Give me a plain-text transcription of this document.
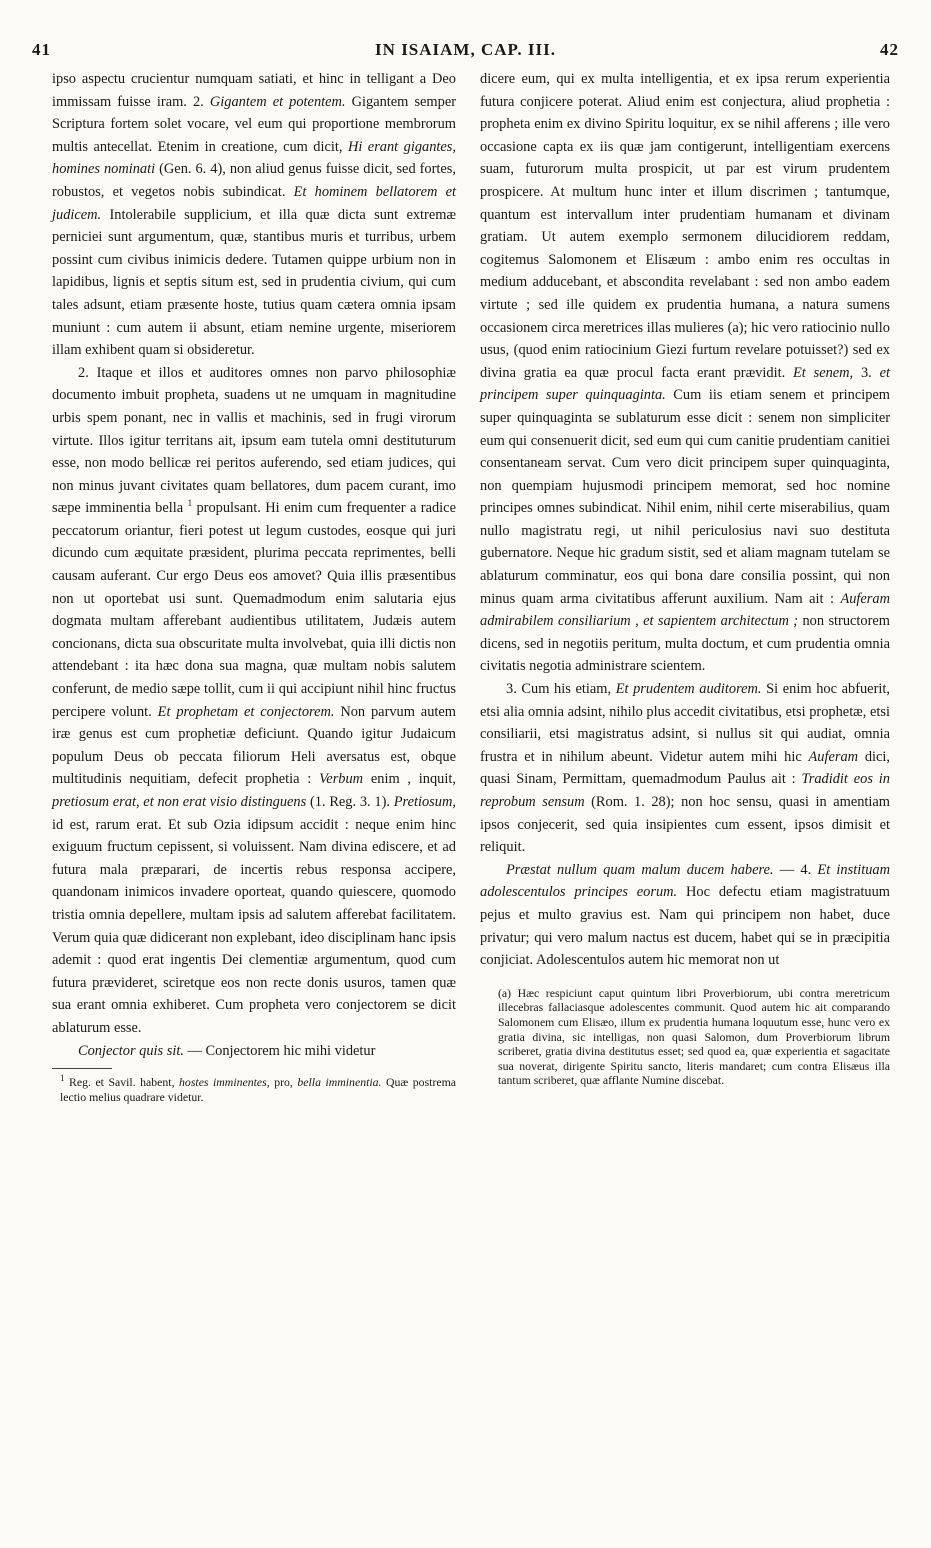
41	IN ISAIAM, CAP. III.	42

ipso aspectu crucientur numquam satiati, et hinc in telligant a Deo immissam fuisse iram. 2. Gigantem et potentem. Gigantem semper Scriptura fortem solet vocare, vel eum qui proportione membrorum multis antecellat. Etenim in creatione, cum dicit, Hi erant gigantes, homines nominati (Gen. 6. 4), non aliud genus fuisse dicit, sed fortes, robustos, et vegetos nobis subindicat. Et hominem bellatorem et judicem. Intolerabile supplicium, et illa quæ dicta sunt extremæ perniciei sunt argumentum, quæ, stantibus muris et turribus, urbem possint cum civibus inimicis dedere. Tutamen quippe urbium non in lapidibus, lignis et septis situm est, sed in prudentia civium, qui cum tales adsunt, etiam præsente hoste, tutius quam cætera omnia ipsam muniunt : cum autem ii absunt, etiam nemine urgente, miseriorem illam exhibent quam si obsideretur.

2. Itaque et illos et auditores omnes non parvo philosophiæ documento imbuit propheta, suadens ut ne umquam in magnitudine urbis spem ponant, nec in vallis et machinis, sed in frugi virorum virtute. Illos igitur territans ait, ipsum eam tutela omni destituturum esse, non modo bellicæ rei peritos auferendo, sed etiam judices, qui non minus juvant civitates quam bellatores, dum pacem curant, imo sæpe imminentia bella $^1$ propulsant. Hi enim cum frequenter a radice peccatorum oriantur, fieri potest ut legum custodes, eosque qui juri dicundo cum æquitate præsident, plurima peccata reprimentes, belli causam auferant. Cur ergo Deus eos amovet? Quia illis præsentibus non ut oportebat usi sunt. Quemadmodum enim salutaria ejus dogmata multam afferebant audientibus utilitatem, Judæis autem concionans, dicta sua obscuritate multa involvebat, quia illi dictis non attendebant : ita hæc dona sua magna, quæ multam nobis salutem conferunt, de medio sæpe tollit, cum ii qui accipiunt nihil hinc fructus percipere volunt. Et prophetam et conjectorem. Non parvum autem iræ genus est cum prophetiæ deficiunt. Quando igitur Judaicum populum Deus ob peccata filiorum Heli aversatus est, obque multitudinis nequitiam, defecit prophetia : Verbum enim , inquit, pretiosum erat, et non erat visio distinguens (1. Reg. 3. 1). Pretiosum, id est, rarum erat. Et sub Ozia idipsum accidit : neque enim hinc exiguum fructum cepissent, si voluissent. Nam divina ediscere, et ad futura mala præparari, de incertis rebus responsa accipere, quandonam inimicos invadere oporteat, quando quiescere, quomodo tristia omnia depellere, multam ipsis ad salutem afferebat facilitatem. Verum quia quæ didicerant non explebant, ideo disciplinam hanc ipsis ademit : quod erat ingentis Dei clementiæ argumentum, quod cum futura prævideret, sciretque eos non recte donis usuros, tamen quæ sua erant omnia exhiberet. Cum propheta vero conjectorem se dicit ablaturum esse.

Conjector quis sit. — Conjectorem hic mihi videtur

$^1$ Reg. et Savil. habent, hostes imminentes, pro, bella imminentia. Quæ postrema lectio melius quadrare videtur.

dicere eum, qui ex multa intelligentia, et ex ipsa rerum experientia futura conjicere poterat. Aliud enim est conjectura, aliud prophetia : propheta enim ex divino Spiritu loquitur, ex se nihil afferens ; ille vero occasione capta ex iis quæ jam contigerunt, intelligentiam exercens suam, futurorum multa prospicit, ut par est virum prudentem prospicere. At multum hunc inter et illum discrimen ; tantumque, quantum est intervallum inter prudentiam humanam et divinam gratiam. Ut autem exemplo sermonem dilucidiorem reddam, cogitemus Salomonem et Elisæum : ambo enim res occultas in medium adducebant, et abscondita revelabant : sed non ambo eadem virtute ; sed ille quidem ex prudentia humana, a natura sumens occasionem circa meretrices illas mulieres (a); hic vero ratiocinio nullo usus, (quod enim ratiocinium Giezi furtum revelare potuisset?) sed ex divina gratia ea quæ procul facta erant prævidit. Et senem, 3. et principem super quinquaginta. Cum iis etiam senem et principem super quinquaginta se sublaturum esse dicit : senem non simpliciter eum qui consenuerit dicit, sed eum qui cum canitie prudentiam canitiei consentaneam servat. Cum vero dicit principem super quinquaginta, non quempiam hujusmodi principem memorat, sed hoc nomine principes omnes subindicat. Nihil enim, nihil certe miserabilius, quam nullo magistratu regi, ut nihil periculosius navi suo destituta gubernatore. Neque hic gradum sistit, sed et aliam magnam tutelam se ablaturum comminatur, eos qui bona dare consilia possint, qui non minus quam arma civitatibus afferunt auxilium. Nam ait : Auferam admirabilem consiliarium , et sapientem architectum ; non structorem dicens, sed in negotiis peritum, multa doctum, et cum prudentia omnia civitatis negotia administrare scientem.

3. Cum his etiam, Et prudentem auditorem. Si enim hoc abfuerit, etsi alia omnia adsint, nihilo plus accedit civitatibus, etsi prophetæ, etsi consiliarii, etsi magistratus adsint, si nullus sit qui audiat, omnia frustra et in nihilum abeunt. Videtur autem mihi hic Auferam dici, quasi Sinam, Permittam, quemadmodum Paulus ait : Tradidit eos in reprobum sensum (Rom. 1. 28); non hoc sensu, quasi in amentiam ipsos conjecerit, sed quia insipientes cum essent, ipsos dimisit et reliquit.

Præstat nullum quam malum ducem habere. — 4. Et instituam adolescentulos principes eorum. Hoc defectu etiam magistratuum pejus et multo gravius est. Nam qui principem non habet, duce privatur; qui vero malum nactus est ducem, habet qui se in præcipitia conjiciat. Adolescentulos autem hic memorat non ut

(a) Hæc respiciunt caput quintum libri Proverbiorum, ubi contra meretricum illecebras fallaciasque adolescentes communit. Quod autem hic ait comparando Salomonem cum Elisæo, illum ex prudentia humana loquutum esse, hunc vero ex gratia divina, sic intelligas, non quasi Salomon, dum Proverbiorum librum scriberet, gratia divina destitutus esset; sed quod ea, quæ experientia et sagacitate sua noverat, dirigente Spiritu sancto, literis mandaret; cum contra Elisæus illa tantum scriberet, quæ afflante Numine discebat.
